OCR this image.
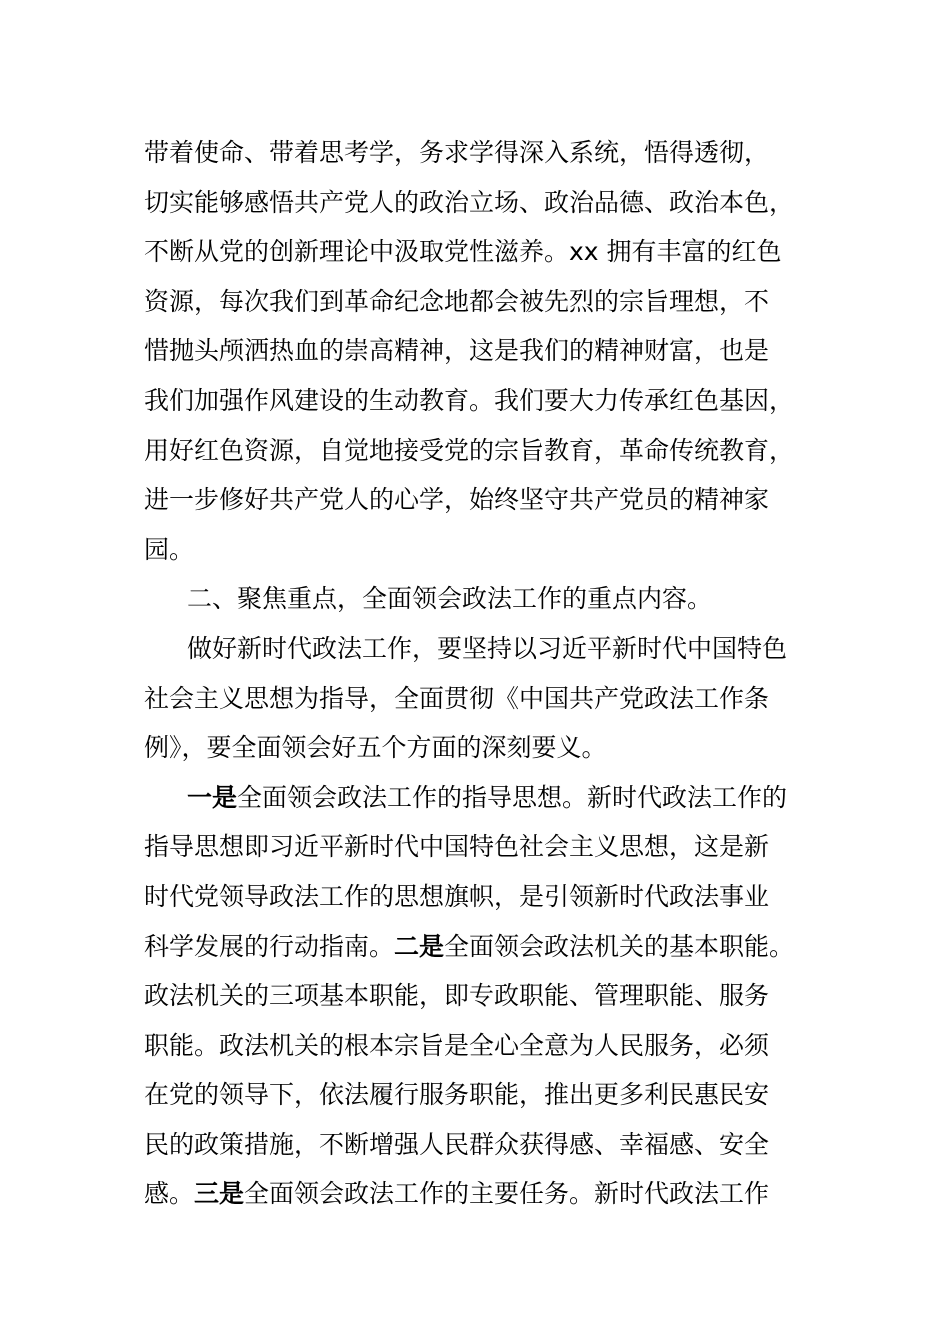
带着使命、带着思考学，务求学得深入系统，悟得透彻，
切实能够感悟共产党人的政治立场、政治品德、政治本色，
不断从党的创新理论中汲取党性滋养。xx 拥有丰富的红色
资源，每次我们到革命纪念地都会被先烈的宗旨理想，不
惜抛头颅洒热血的崇高精神，这是我们的精神财富，也是
我们加强作风建设的生动教育。我们要大力传承红色基因，
用好红色资源，自觉地接受党的宗旨教育，革命传统教育，
进一步修好共产党人的心学，始终坚守共产党员的精神家
园。
二、聚焦重点，全面领会政法工作的重点内容。
做好新时代政法工作，要坚持以习近平新时代中国特色
社会主义思想为指导，全面贯彻《中国共产党政法工作条
例》，要全面领会好五个方面的深刻要义。
一是全面领会政法工作的指导思想。新时代政法工作的
指导思想即习近平新时代中国特色社会主义思想，这是新
时代党领导政法工作的思想旗帜，是引领新时代政法事业
科学发展的行动指南。二是全面领会政法机关的基本职能。
政法机关的三项基本职能，即专政职能、管理职能、服务
职能。政法机关的根本宗旨是全心全意为人民服务，必须
在党的领导下，依法履行服务职能，推出更多利民惠民安
民的政策措施，不断增强人民群众获得感、幸福感、安全
感。三是全面领会政法工作的主要任务。新时代政法工作
